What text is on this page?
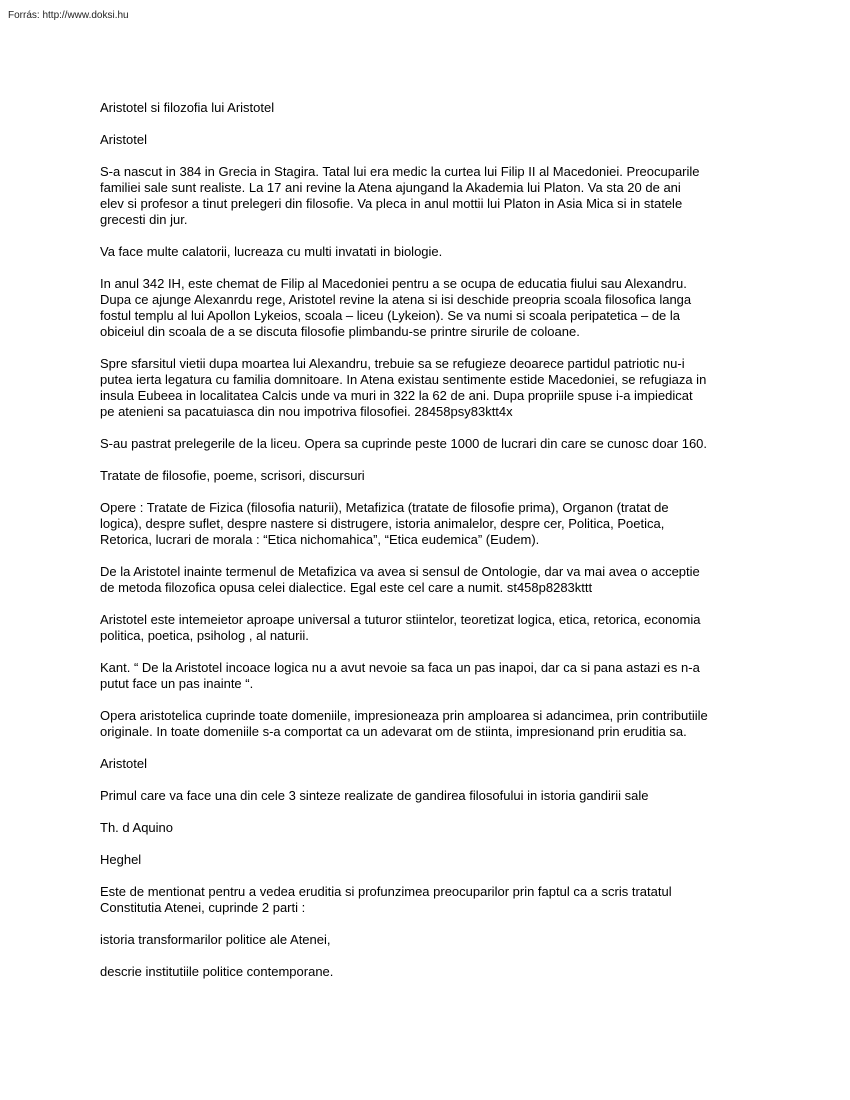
Forrás: http://www.doksi.hu

Aristotel si filozofia lui Aristotel

Aristotel

S-a nascut in 384 in Grecia in Stagira. Tatal lui era medic la curtea lui Filip II al Macedoniei. Preocuparile
familiei sale sunt realiste. La 17 ani revine la Atena ajungand la Akademia lui Platon. Va sta 20 de ani
elev si profesor a tinut prelegeri din filosofie. Va pleca in anul mottii lui Platon in Asia Mica si in statele
grecesti din jur.

Va face multe calatorii, lucreaza cu multi invatati in biologie.

In anul 342 IH, este chemat de Filip al Macedoniei pentru a se ocupa de educatia fiului sau Alexandru.
Dupa ce ajunge Alexanrdu rege, Aristotel revine la atena si isi deschide preopria scoala filosofica langa
fostul templu al lui Apollon Lykeios, scoala – liceu (Lykeion). Se va numi si scoala peripatetica – de la
obiceiul din scoala de a se discuta filosofie plimbandu-se printre sirurile de coloane.

Spre sfarsitul vietii dupa moartea lui Alexandru, trebuie sa se refugieze deoarece partidul patriotic nu-i
putea ierta legatura cu familia domnitoare. In Atena existau sentimente estide Macedoniei, se refugiaza in
insula Eubeea in localitatea Calcis unde va muri in 322 la 62 de ani. Dupa propriile spuse i-a impiedicat
pe atenieni sa pacatuiasca din nou impotriva filosofiei. 28458psy83ktt4x

S-au pastrat prelegerile de la liceu. Opera sa cuprinde peste 1000 de lucrari din care se cunosc doar 160.

Tratate de filosofie, poeme, scrisori, discursuri

Opere : Tratate de Fizica (filosofia naturii), Metafizica (tratate de filosofie prima), Organon (tratat de
logica), despre suflet, despre nastere si distrugere, istoria animalelor, despre cer, Politica, Poetica,
Retorica, lucrari de morala : “Etica nichomahica”, “Etica eudemica” (Eudem).

De la Aristotel inainte termenul de Metafizica va avea si sensul de Ontologie, dar va mai avea o acceptie
de metoda filozofica opusa celei dialectice. Egal este cel care a numit. st458p8283kttt

Aristotel este intemeietor aproape universal a tuturor stiintelor, teoretizat logica, etica, retorica, economia
politica, poetica, psiholog , al naturii.

Kant. “ De la Aristotel incoace logica nu a avut nevoie sa faca un pas inapoi, dar ca si pana astazi es n-a
putut face un pas inainte “.

Opera aristotelica cuprinde toate domeniile, impresioneaza prin amploarea si adancimea, prin contributiile
originale. In toate domeniile s-a comportat ca un adevarat om de stiinta, impresionand prin eruditia sa.

Aristotel

Primul care va face una din cele 3 sinteze realizate de gandirea filosofului in istoria gandirii sale

Th. d Aquino

Heghel

Este de mentionat pentru a vedea eruditia si profunzimea preocuparilor prin faptul ca a scris tratatul
Constitutia Atenei, cuprinde 2 parti :

istoria transformarilor politice ale Atenei,

descrie institutiile politice contemporane.
